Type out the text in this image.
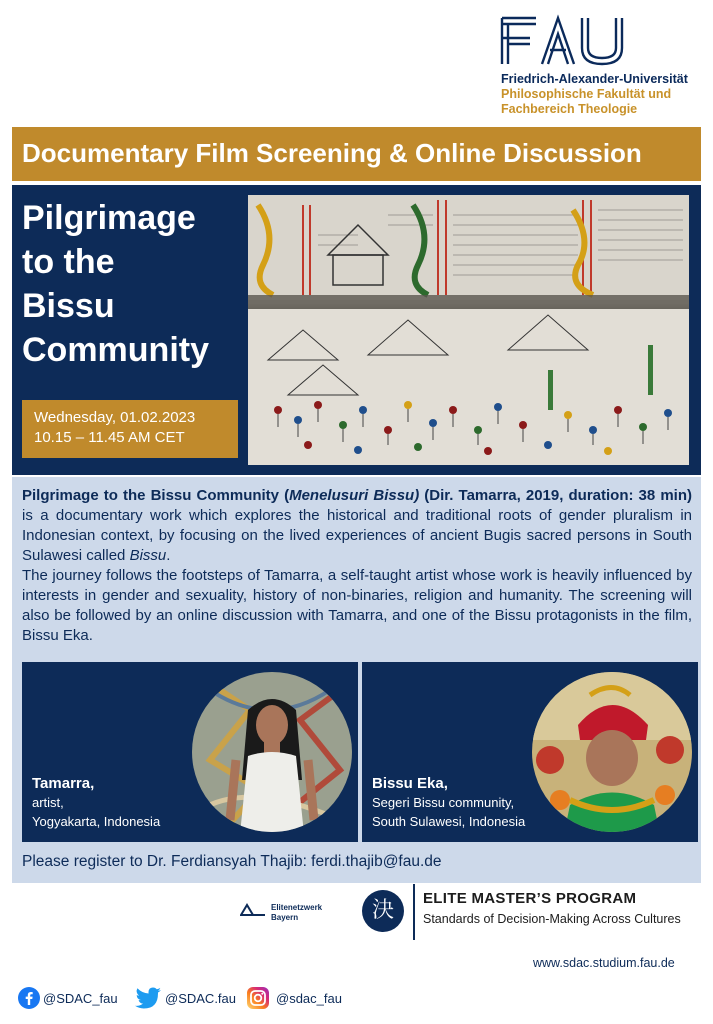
FAU
Friedrich-Alexander-Universität
Philosophische Fakultät und
Fachbereich Theologie
Documentary Film Screening & Online Discussion
Pilgrimage
to the
Bissu
Community
Wednesday, 01.02.2023
10.15 – 11.45 AM CET

Pilgrimage to the Bissu Community (Menelusuri Bissu) (Dir. Tamarra, 2019, duration: 38 min) is a documentary work which explores the historical and traditional roots of gender pluralism in Indonesian context, by focusing on the lived experiences of ancient Bugis sacred persons in South Sulawesi called Bissu.

The journey follows the footsteps of Tamarra, a self-taught artist whose work is heavily influenced by interests in gender and sexuality, history of non-binaries, religion and humanity. The screening will also be followed by an online discussion with Tamarra, and one of the Bissu protagonists in the film, Bissu Eka.

Tamarra,
artist,
Yogyakarta, Indonesia
Bissu Eka,
Segeri Bissu community,
South Sulawesi, Indonesia
Please register to Dr. Ferdiansyah Thajib: ferdi.thajib@fau.de
Elitenetzwerk
Bayern	決	ELITE MASTER’S PROGRAM
Standards of Decision-Making Across Cultures
www.sdac.studium.fau.de
@SDAC_fau	@SDAC.fau	@sdac_fau
